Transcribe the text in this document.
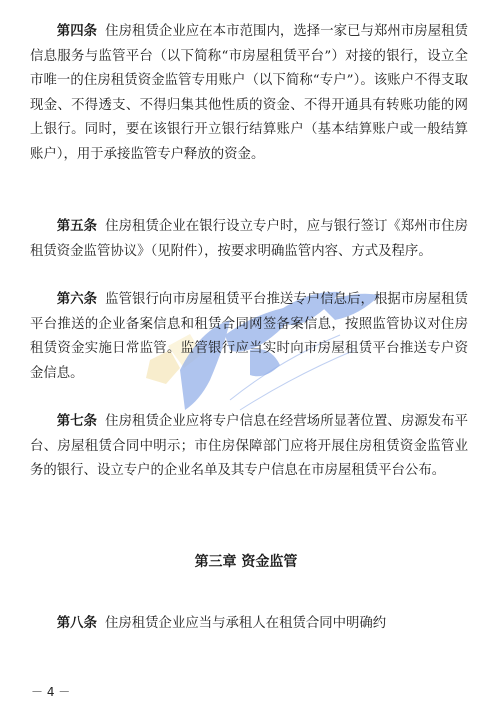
第四条 住房租赁企业应在本市范围内，选择一家已与郑州市房屋租赁信息服务与监管平台（以下简称“市房屋租赁平台”）对接的银行，设立全市唯一的住房租赁资金监管专用账户（以下简称“专户”）。该账户不得支取现金、不得透支、不得归集其他性质的资金、不得开通具有转账功能的网上银行。同时，要在该银行开立银行结算账户（基本结算账户或一般结算账户），用于承接监管专户释放的资金。

第五条 住房租赁企业在银行设立专户时，应与银行签订《郑州市住房租赁资金监管协议》（见附件），按要求明确监管内容、方式及程序。

第六条 监管银行向市房屋租赁平台推送专户信息后，根据市房屋租赁平台推送的企业备案信息和租赁合同网签备案信息，按照监管协议对住房租赁资金实施日常监管。监管银行应当实时向市房屋租赁平台推送专户资金信息。

第七条 住房租赁企业应将专户信息在经营场所显著位置、房源发布平台、房屋租赁合同中明示；市住房保障部门应将开展住房租赁资金监管业务的银行、设立专户的企业名单及其专户信息在市房屋租赁平台公布。

第三章 资金监管

第八条 住房租赁企业应当与承租人在租赁合同中明确约

－ 4 －
